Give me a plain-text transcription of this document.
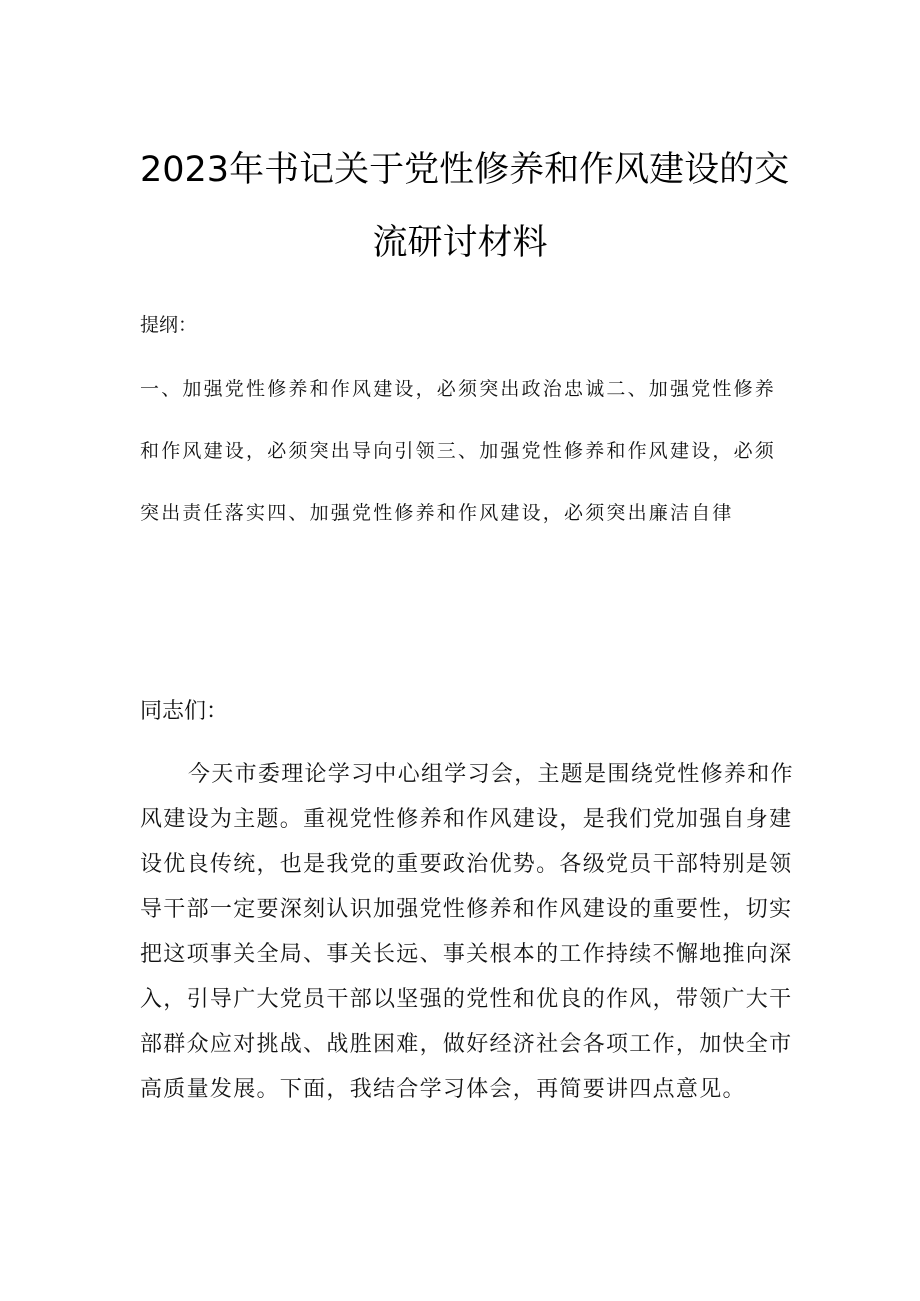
2023年书记关于党性修养和作风建设的交
流研讨材料
提纲：
一、加强党性修养和作风建设，必须突出政治忠诚二、加强党性修养
和作风建设，必须突出导向引领三、加强党性修养和作风建设，必须
突出责任落实四、加强党性修养和作风建设，必须突出廉洁自律
同志们：
今天市委理论学习中心组学习会，主题是围绕党性修养和作
风建设为主题。重视党性修养和作风建设，是我们党加强自身建
设优良传统，也是我党的重要政治优势。各级党员干部特别是领
导干部一定要深刻认识加强党性修养和作风建设的重要性，切实
把这项事关全局、事关长远、事关根本的工作持续不懈地推向深
入，引导广大党员干部以坚强的党性和优良的作风，带领广大干
部群众应对挑战、战胜困难，做好经济社会各项工作，加快全市
高质量发展。下面，我结合学习体会，再简要讲四点意见。
